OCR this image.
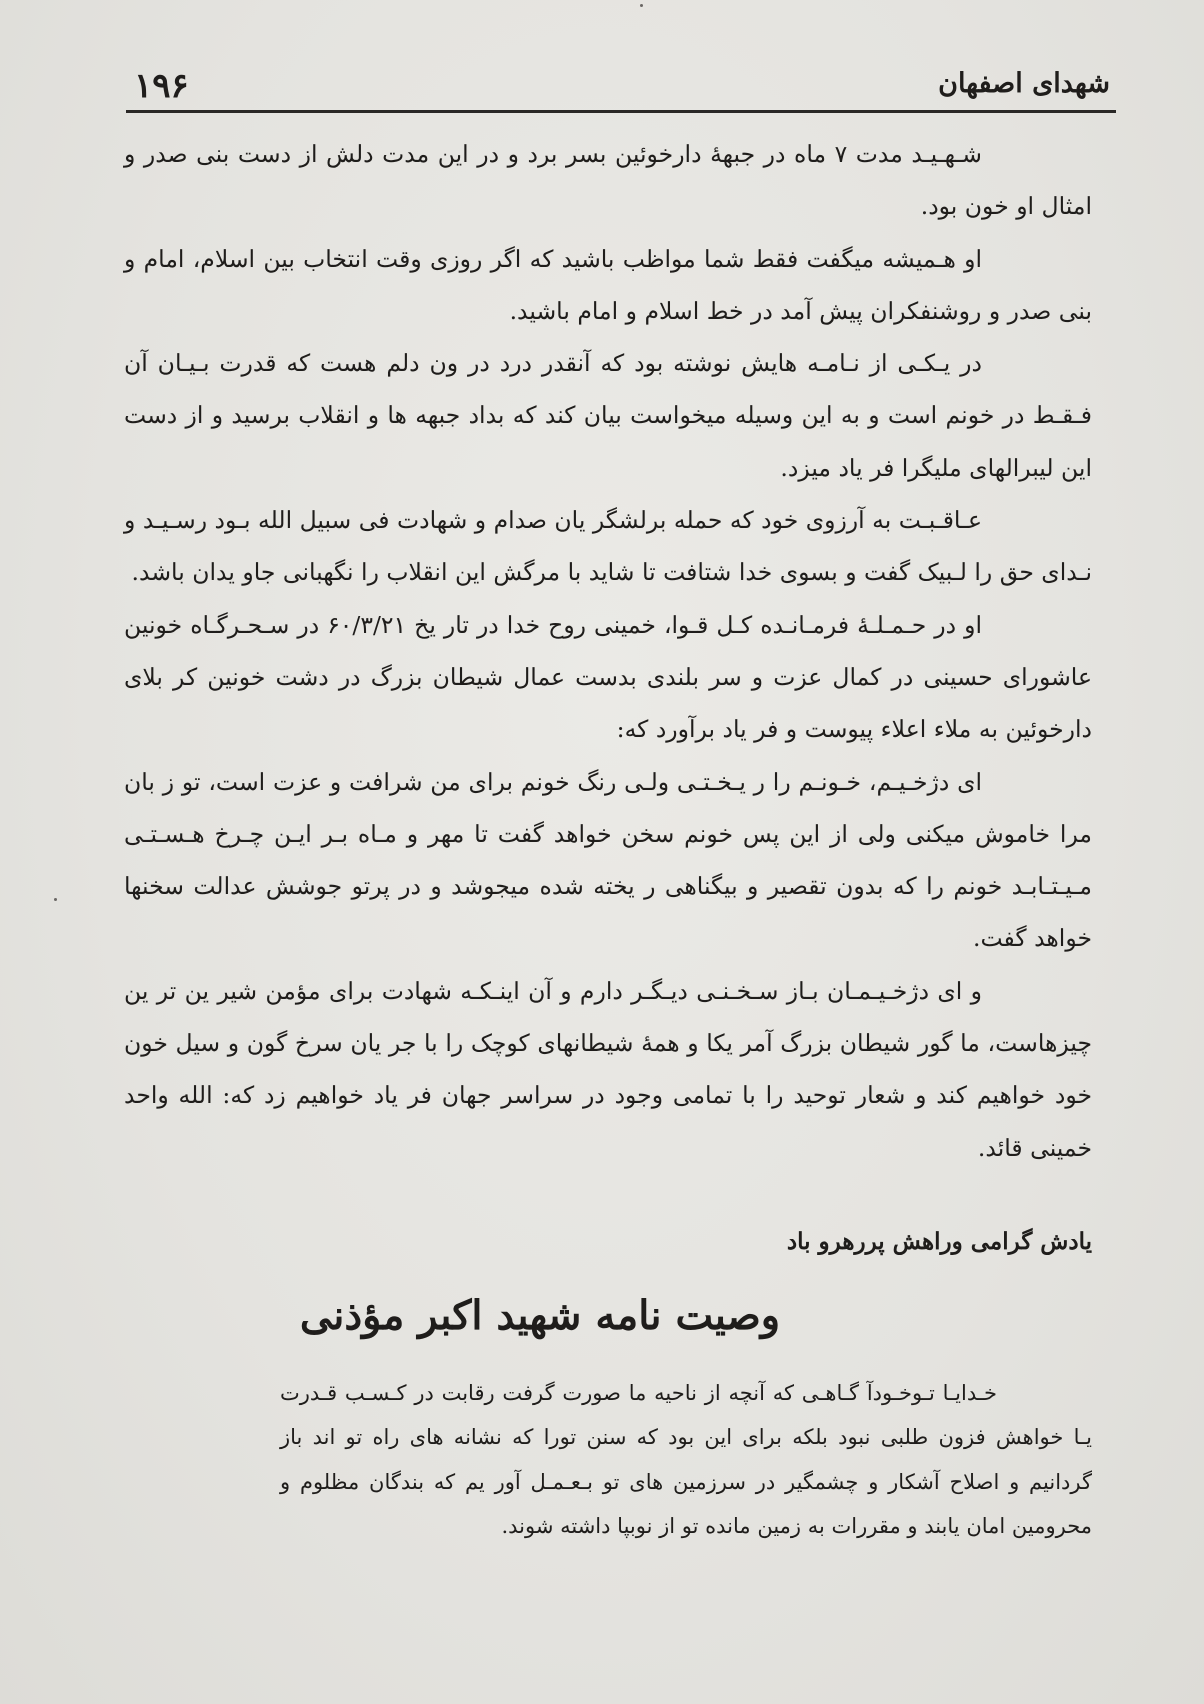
۱۹۶	شهدای اصفهان

شـهـیـد مدت ۷ ماه در جبههٔ دارخوئین بسر برد و در این مدت دلش از دست بنی صدر و امثال او خون بود.

او هـمیشه میگفت فقط شما مواظب باشید که اگر روزی وقت انتخاب بین اسلام، امام و بنی صدر و روشنفکران پیش آمد در خط اسلام و امام باشید.

در یـکـی از نـامـه هایش نوشته بود که آنقدر درد در ون دلم هست که قدرت بـیـان آن فـقـط در خونم است و به این وسیله میخواست بیان کند که بداد جبهه ها و انقلاب برسید و از دست این لیبرالهای ملیگرا فر یاد میزد.

عـاقـبـت به آرزوی خود که حمله برلشگر یان صدام و شهادت فی سبیل الله بـود رسـیـد و نـدای حق را لـبیک گفت و بسوی خدا شتافت تا شاید با مرگش این انقلاب را نگهبانی جاو یدان باشد.

او در حـمـلـهٔ فرمـانـده کـل قـوا، خمینی روح خدا در تار یخ ۶۰/۳/۲۱ در سـحـرگـاه خونین عاشورای حسینی در کمال عزت و سر بلندی بدست عمال شیطان بزرگ در دشت خونین کر بلای دارخوئین به ملاء اعلاء پیوست و فر یاد برآورد که:

ای دژخـیـم، خـونـم را ر یـخـتـی ولـی رنگ خونم برای من شرافت و عزت است، تو ز بان مرا خاموش میکنی ولی از این پس خونم سخن خواهد گفت تا مهر و مـاه بـر ایـن چـرخ هـسـتـی مـیـتـابـد خونم را که بدون تقصیر و بیگناهی ر یخته شده میجوشد و در پرتو جوشش عدالت سخنها خواهد گفت.

و ای دژخـیـمـان بـاز سـخـنـی دیـگـر دارم و آن اینـکـه شهادت برای مؤمن شیر ین تر ین چیزهاست، ما گور شیطان بزرگ آمر یکا و همهٔ شیطانهای کوچک را با جر یان سرخ گون و سیل خون خود خواهیم کند و شعار توحید را با تمامی وجود در سراسر جهان فر یاد خواهیم زد که: الله واحد خمینی قائد.

یادش گرامی وراهش پررهرو باد
وصیت نامه شهید اکبر مؤذنی

خـدایـا تـوخـودآ گـاهـی که آنچه از ناحیه ما صورت گرفت رقابت در کـسـب قـدرت یـا خواهش فزون طلبی نبود بلکه برای این بود که سنن تورا که نشانه های راه تو اند باز گردانیم و اصلاح آشکار و چشمگیر در سرزمین های تو بـعـمـل آور یم که بندگان مظلوم و محرومین امان یابند و مقررات به زمین مانده تو از نوبپا داشته شوند.
